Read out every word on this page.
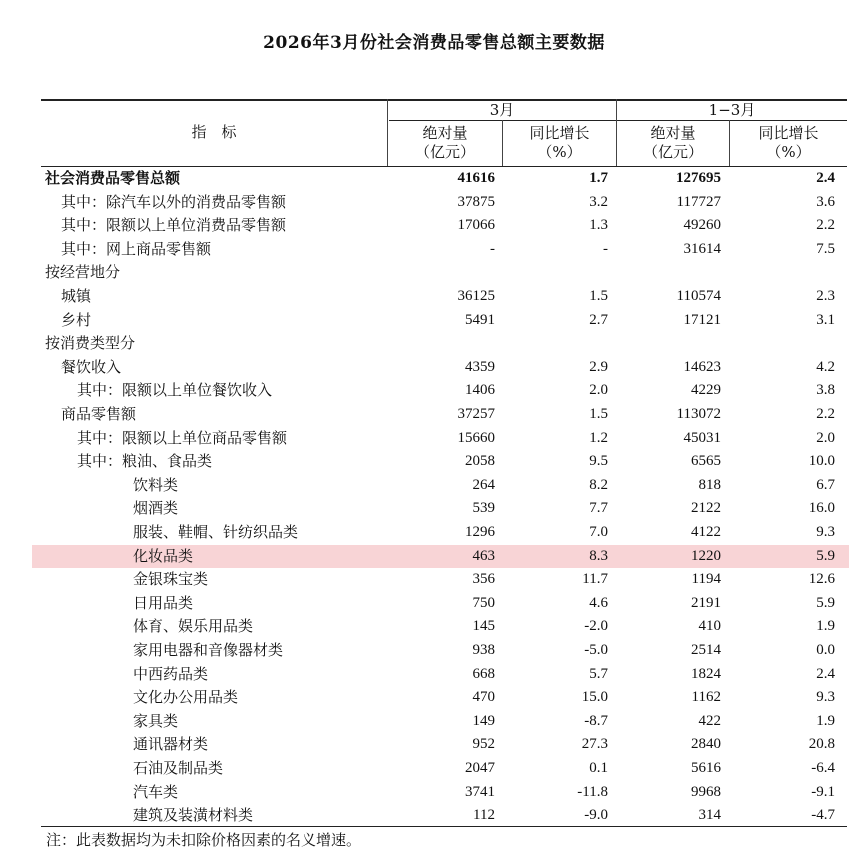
2026年3月份社会消费品零售总额主要数据
指　标
3月	1−3月
绝对量
（亿元）
同比增长
（%）
绝对量
（亿元）
同比增长
（%）
社会消费品零售总额	41616	1.7	127695	2.4
其中：除汽车以外的消费品零售额	37875	3.2	117727	3.6
其中：限额以上单位消费品零售额	17066	1.3	49260	2.2
其中：网上商品零售额	-	-	31614	7.5
按经营地分
城镇	36125	1.5	110574	2.3
乡村	5491	2.7	17121	3.1
按消费类型分
餐饮收入	4359	2.9	14623	4.2
其中：限额以上单位餐饮收入	1406	2.0	4229	3.8
商品零售额	37257	1.5	113072	2.2
其中：限额以上单位商品零售额	15660	1.2	45031	2.0
其中：粮油、食品类	2058	9.5	6565	10.0
饮料类	264	8.2	818	6.7
烟酒类	539	7.7	2122	16.0
服装、鞋帽、针纺织品类	1296	7.0	4122	9.3
化妆品类	463	8.3	1220	5.9
金银珠宝类	356	11.7	1194	12.6
日用品类	750	4.6	2191	5.9
体育、娱乐用品类	145	-2.0	410	1.9
家用电器和音像器材类	938	-5.0	2514	0.0
中西药品类	668	5.7	1824	2.4
文化办公用品类	470	15.0	1162	9.3
家具类	149	-8.7	422	1.9
通讯器材类	952	27.3	2840	20.8
石油及制品类	2047	0.1	5616	-6.4
汽车类	3741	-11.8	9968	-9.1
建筑及装潢材料类	112	-9.0	314	-4.7
注：此表数据均为未扣除价格因素的名义增速。
